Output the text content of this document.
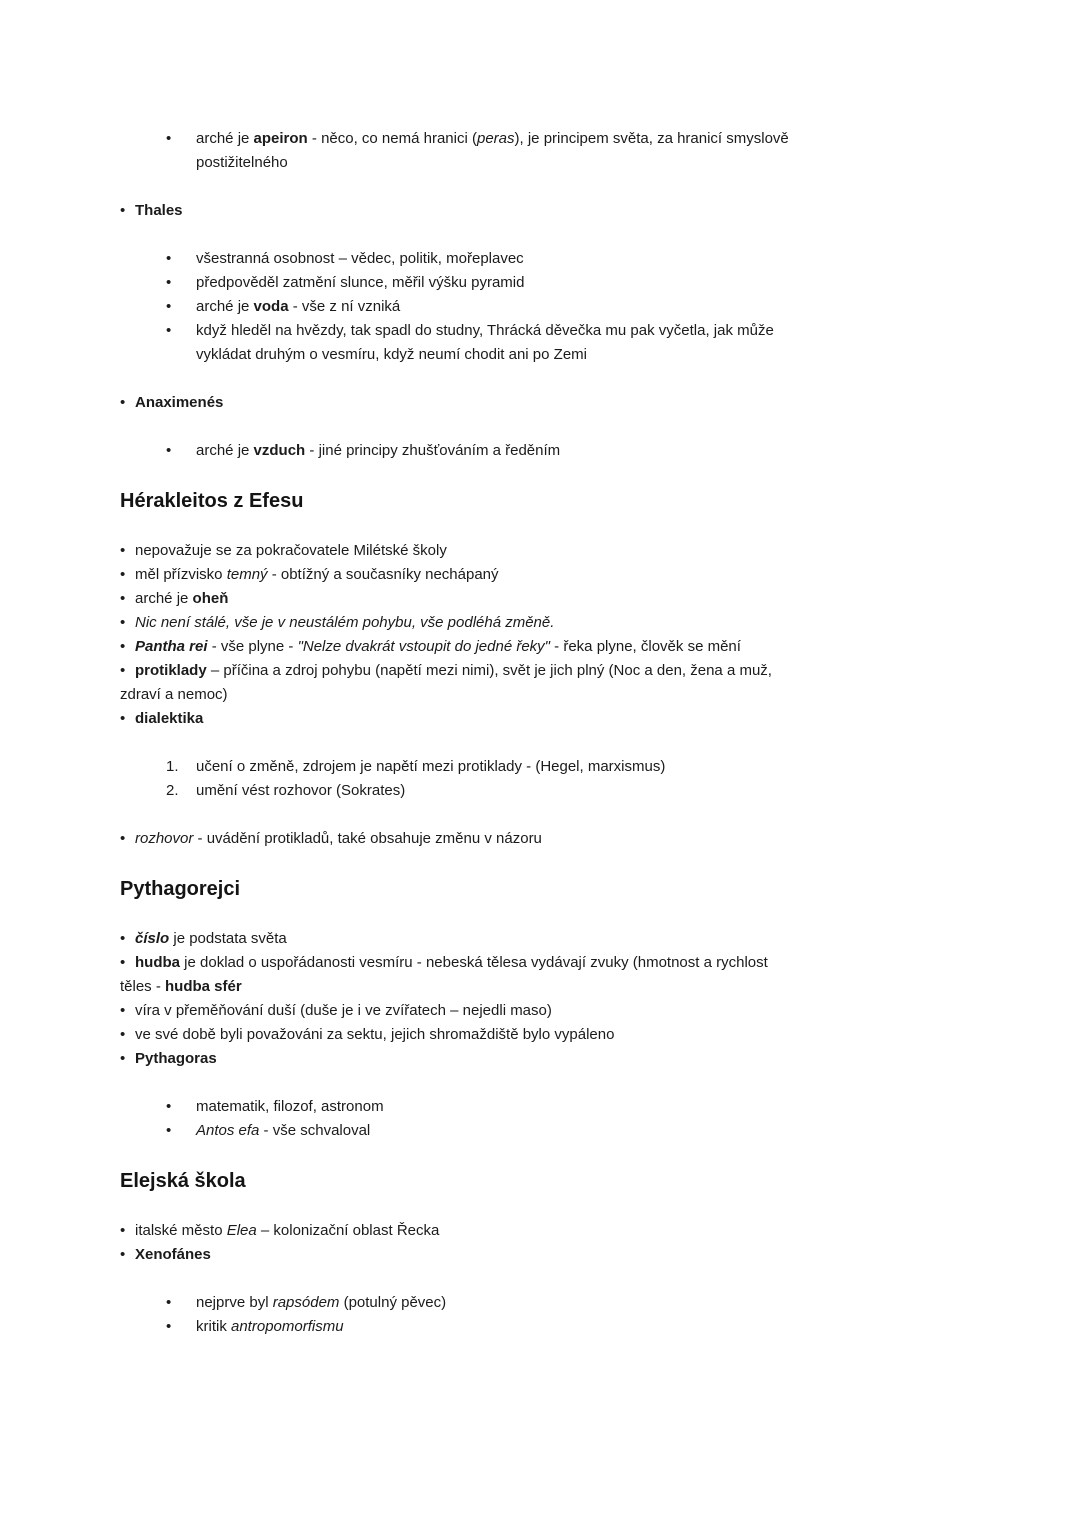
•	arché je apeiron - něco, co nemá hranici (peras), je principem světa, za hranicí smyslově
postižitelného
• Thales
•	všestranná osobnost – vědec, politik, mořeplavec
•	předpověděl zatmění slunce, měřil výšku pyramid
•	arché je voda - vše z ní vzniká
•	když hleděl na hvězdy, tak spadl do studny, Thrácká děvečka mu pak vyčetla, jak může
vykládat druhým o vesmíru, když neumí chodit ani po Zemi
• Anaximenés
•	arché je vzduch - jiné principy zhušťováním a ředěním
Hérakleitos z Efesu
• nepovažuje se za pokračovatele Milétské školy
• měl přízvisko temný - obtížný a současníky nechápaný
• arché je oheň
• Nic není stálé, vše je v neustálém pohybu, vše podléhá změně.
• Pantha rei - vše plyne - "Nelze dvakrát vstoupit do jedné řeky" - řeka plyne, člověk se mění
• protiklady – příčina a zdroj pohybu (napětí mezi nimi), svět je jich plný (Noc a den, žena a muž,
zdraví a nemoc)
• dialektika
1.	učení o změně, zdrojem je napětí mezi protiklady - (Hegel, marxismus)
2.	umění vést rozhovor (Sokrates)
• rozhovor - uvádění protikladů, také obsahuje změnu v názoru
Pythagorejci
• číslo je podstata světa
• hudba je doklad o uspořádanosti vesmíru - nebeská tělesa vydávají zvuky (hmotnost a rychlost
těles - hudba sfér
• víra v přeměňování duší (duše je i ve zvířatech – nejedli maso)
• ve své době byli považováni za sektu, jejich shromaždiště bylo vypáleno
• Pythagoras
•	matematik, filozof, astronom
•	Antos efa - vše schvaloval
Elejská škola
• italské město Elea – kolonizační oblast Řecka
• Xenofánes
•	nejprve byl rapsódem (potulný pěvec)
•	kritik antropomorfismu
